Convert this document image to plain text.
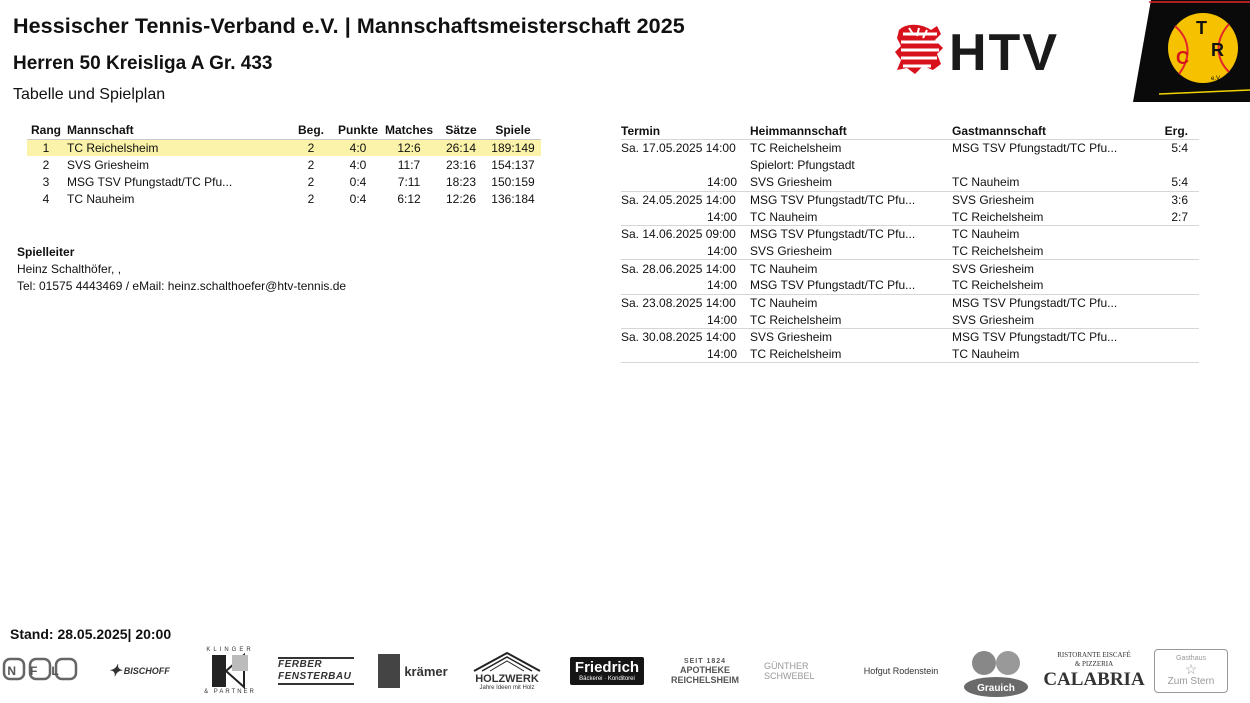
Hessischer Tennis-Verband e.V. | Mannschaftsmeisterschaft 2025
Herren 50 Kreisliga A Gr. 433
Tabelle und Spielplan
HTV	T
C R
e.V.
Rang	Mannschaft	Beg.	Punkte	Matches	Sätze	Spiele
1	TC Reichelsheim	2	4:0	12:6	26:14	189:149
2	SVS Griesheim	2	4:0	11:7	23:16	154:137
3	MSG TSV Pfungstadt/TC Pfu...	2	0:4	7:11	18:23	150:159
4	TC Nauheim	2	0:4	6:12	12:26	136:184
Spielleiter
Heinz Schalthöfer, ,
Tel: 01575 4443469 / eMail: heinz.schalthoefer@htv-tennis.de
Termin	Heimmannschaft	Gastmannschaft	Erg.

Sa. 17.05.2025 14:00	TC Reichelsheim	MSG TSV Pfungstadt/TC Pfu...	5:4
	Spielort: Pfungstadt		
14:00	SVS Griesheim	TC Nauheim	5:4
Sa. 24.05.2025 14:00	MSG TSV Pfungstadt/TC Pfu...	SVS Griesheim	3:6
14:00	TC Nauheim	TC Reichelsheim	2:7
Sa. 14.06.2025 09:00	MSG TSV Pfungstadt/TC Pfu...	TC Nauheim	
14:00	SVS Griesheim	TC Reichelsheim	
Sa. 28.06.2025 14:00	TC Nauheim	SVS Griesheim	
14:00	MSG TSV Pfungstadt/TC Pfu...	TC Reichelsheim	
Sa. 23.08.2025 14:00	TC Nauheim	MSG TSV Pfungstadt/TC Pfu...	
14:00	TC Reichelsheim	SVS Griesheim	
Sa. 30.08.2025 14:00	SVS Griesheim	MSG TSV Pfungstadt/TC Pfu...	
14:00	TC Reichelsheim	TC Nauheim	
Stand: 28.05.2025| 20:00
NFL ✦ BISCHOFF
KLINGER
& PARTNER
FERBER FENSTERBAU	krämer
HOLZWERK
Jahre Ideen mit Holz
Friedrich
Bäckerei · Konditorei
SEIT 1824
APOTHEKE REICHELSHEIM
GÜNTHER SCHWEBEL	Hofgut Rodenstein
Grauich
RISTORANTE EISCAFÉ & PIZZERIA
CALABRIA
Gasthaus
☆
Zum Stern
